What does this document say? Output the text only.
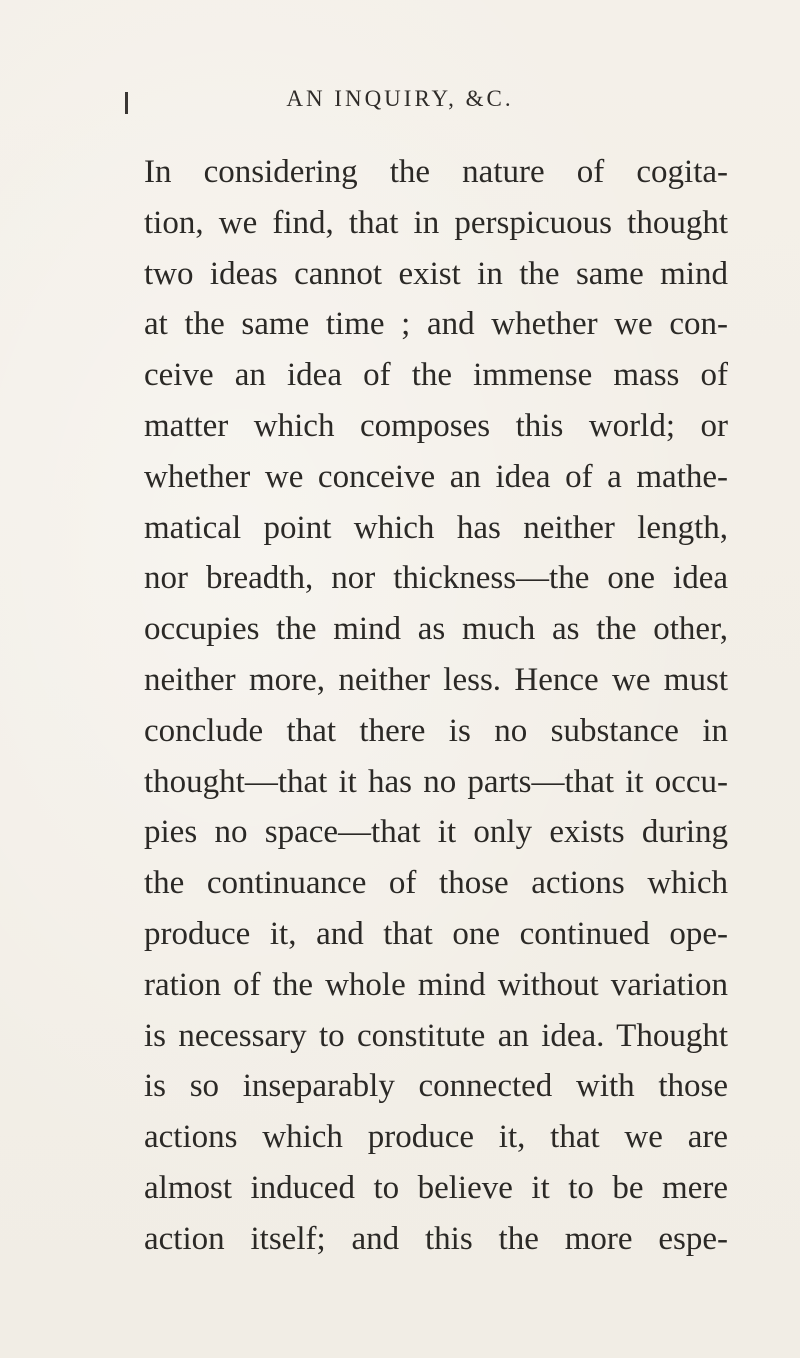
AN INQUIRY, &C.
In considering the nature of cogita-
tion, we find, that in perspicuous thought
two ideas cannot exist in the same mind
at the same time ; and whether we con-
ceive an idea of the immense mass of
matter which composes this world; or
whether we conceive an idea of a mathe-
matical point which has neither length,
nor breadth, nor thickness—the one idea
occupies the mind as much as the other,
neither more, neither less. Hence we must
conclude that there is no substance in
thought—that it has no parts—that it occu-
pies no space—that it only exists during
the continuance of those actions which
produce it, and that one continued ope-
ration of the whole mind without variation
is necessary to constitute an idea. Thought
is so inseparably connected with those
actions which produce it, that we are
almost induced to believe it to be mere
action itself; and this the more espe-
